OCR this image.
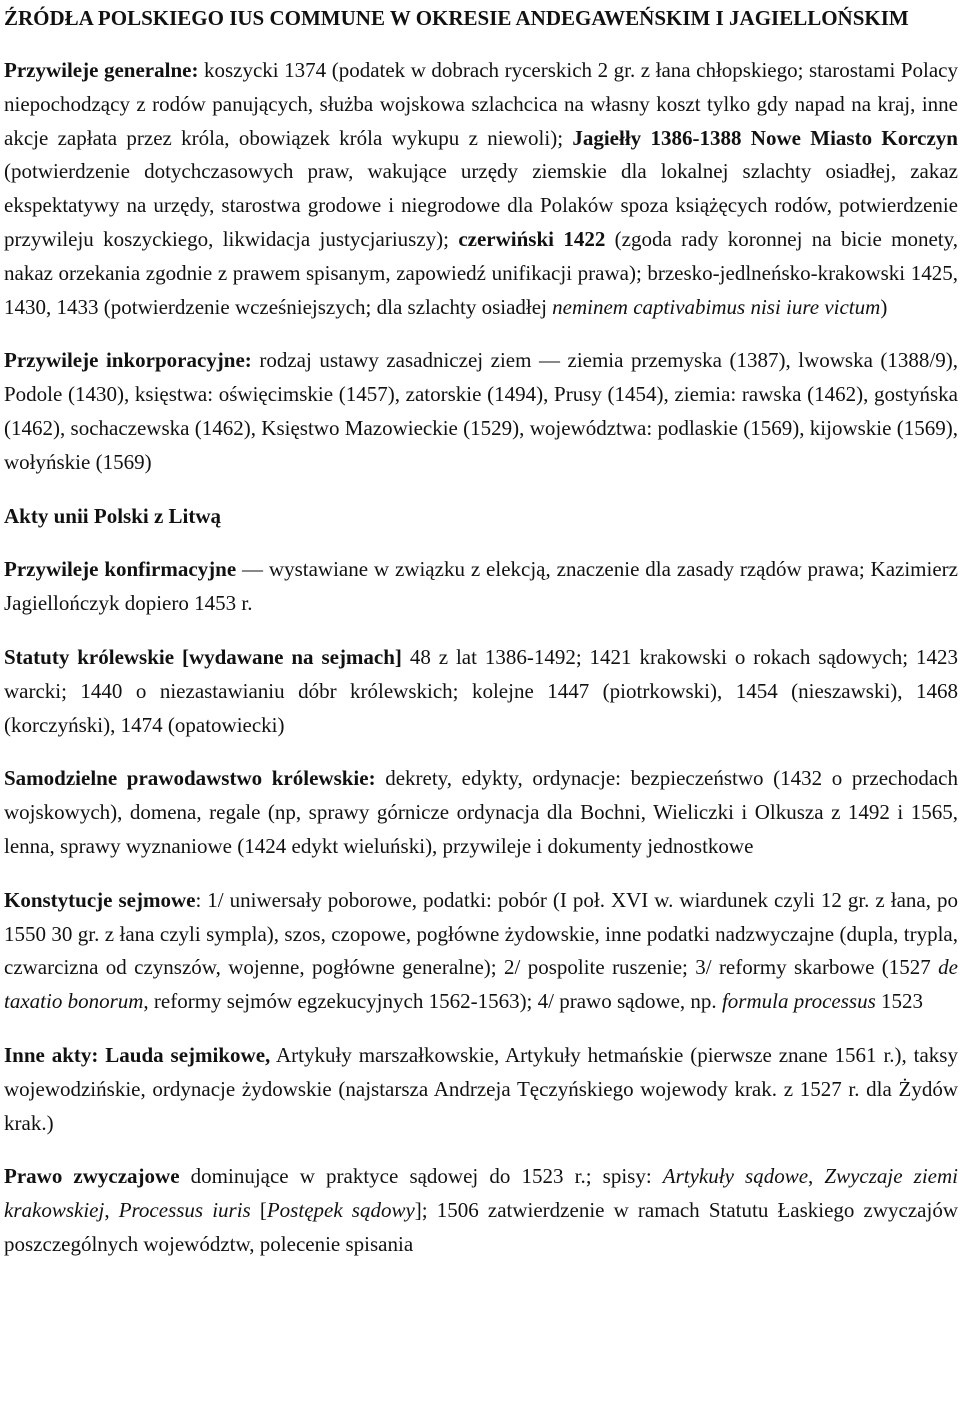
ŹRÓDŁA POLSKIEGO IUS COMMUNE W OKRESIE ANDEGAWEŃSKIM I JAGIELLOŃSKIM

Przywileje generalne: koszycki 1374 (podatek w dobrach rycerskich 2 gr. z łana chłopskiego; starostami Polacy niepochodzący z rodów panujących, służba wojskowa szlachcica na własny koszt tylko gdy napad na kraj, inne akcje zapłata przez króla, obowiązek króla wykupu z niewoli); Jagiełły 1386-1388 Nowe Miasto Korczyn (potwierdzenie dotychczasowych praw, wakujące urzędy ziemskie dla lokalnej szlachty osiadłej, zakaz ekspektatywy na urzędy, starostwa grodowe i niegrodowe dla Polaków spoza książęcych rodów, potwierdzenie przywileju koszyckiego, likwidacja justycjariuszy); czerwiński 1422 (zgoda rady koronnej na bicie monety, nakaz orzekania zgodnie z prawem spisanym, zapowiedź unifikacji prawa); brzesko-jedlneńsko-krakowski 1425, 1430, 1433 (potwierdzenie wcześniejszych; dla szlachty osiadłej neminem captivabimus nisi iure victum)

Przywileje inkorporacyjne: rodzaj ustawy zasadniczej ziem — ziemia przemyska (1387), lwowska (1388/9), Podole (1430), księstwa: oświęcimskie (1457), zatorskie (1494), Prusy (1454), ziemia: rawska (1462), gostyńska (1462), sochaczewska (1462), Księstwo Mazowieckie (1529), województwa: podlaskie (1569), kijowskie (1569), wołyńskie (1569)

Akty unii Polski z Litwą

Przywileje konfirmacyjne — wystawiane w związku z elekcją, znaczenie dla zasady rządów prawa; Kazimierz Jagiellończyk dopiero 1453 r.

Statuty królewskie [wydawane na sejmach] 48 z lat 1386-1492; 1421 krakowski o rokach sądowych; 1423 warcki; 1440 o niezastawianiu dóbr królewskich; kolejne 1447 (piotrkowski), 1454 (nieszawski), 1468 (korczyński), 1474 (opatowiecki)

Samodzielne prawodawstwo królewskie: dekrety, edykty, ordynacje: bezpieczeństwo (1432 o przechodach wojskowych), domena, regale (np, sprawy górnicze ordynacja dla Bochni, Wieliczki i Olkusza z 1492 i 1565, lenna, sprawy wyznaniowe (1424 edykt wieluński), przywileje i dokumenty jednostkowe

Konstytucje sejmowe: 1/ uniwersały poborowe, podatki: pobór (I poł. XVI w. wiardunek czyli 12 gr. z łana, po 1550 30 gr. z łana czyli sympla), szos, czopowe, pogłówne żydowskie, inne podatki nadzwyczajne (dupla, trypla, czwarcizna od czynszów, wojenne, pogłówne generalne); 2/ pospolite ruszenie; 3/ reformy skarbowe (1527 de taxatio bonorum, reformy sejmów egzekucyjnych 1562-1563); 4/ prawo sądowe, np. formula processus 1523

Inne akty: Lauda sejmikowe, Artykuły marszałkowskie, Artykuły hetmańskie (pierwsze znane 1561 r.), taksy wojewodzińskie, ordynacje żydowskie (najstarsza Andrzeja Tęczyńskiego wojewody krak. z 1527 r. dla Żydów krak.)

Prawo zwyczajowe dominujące w praktyce sądowej do 1523 r.; spisy: Artykuły sądowe, Zwyczaje ziemi krakowskiej, Processus iuris [Postępek sądowy]; 1506 zatwierdzenie w ramach Statutu Łaskiego zwyczajów poszczególnych województw, polecenie spisania
